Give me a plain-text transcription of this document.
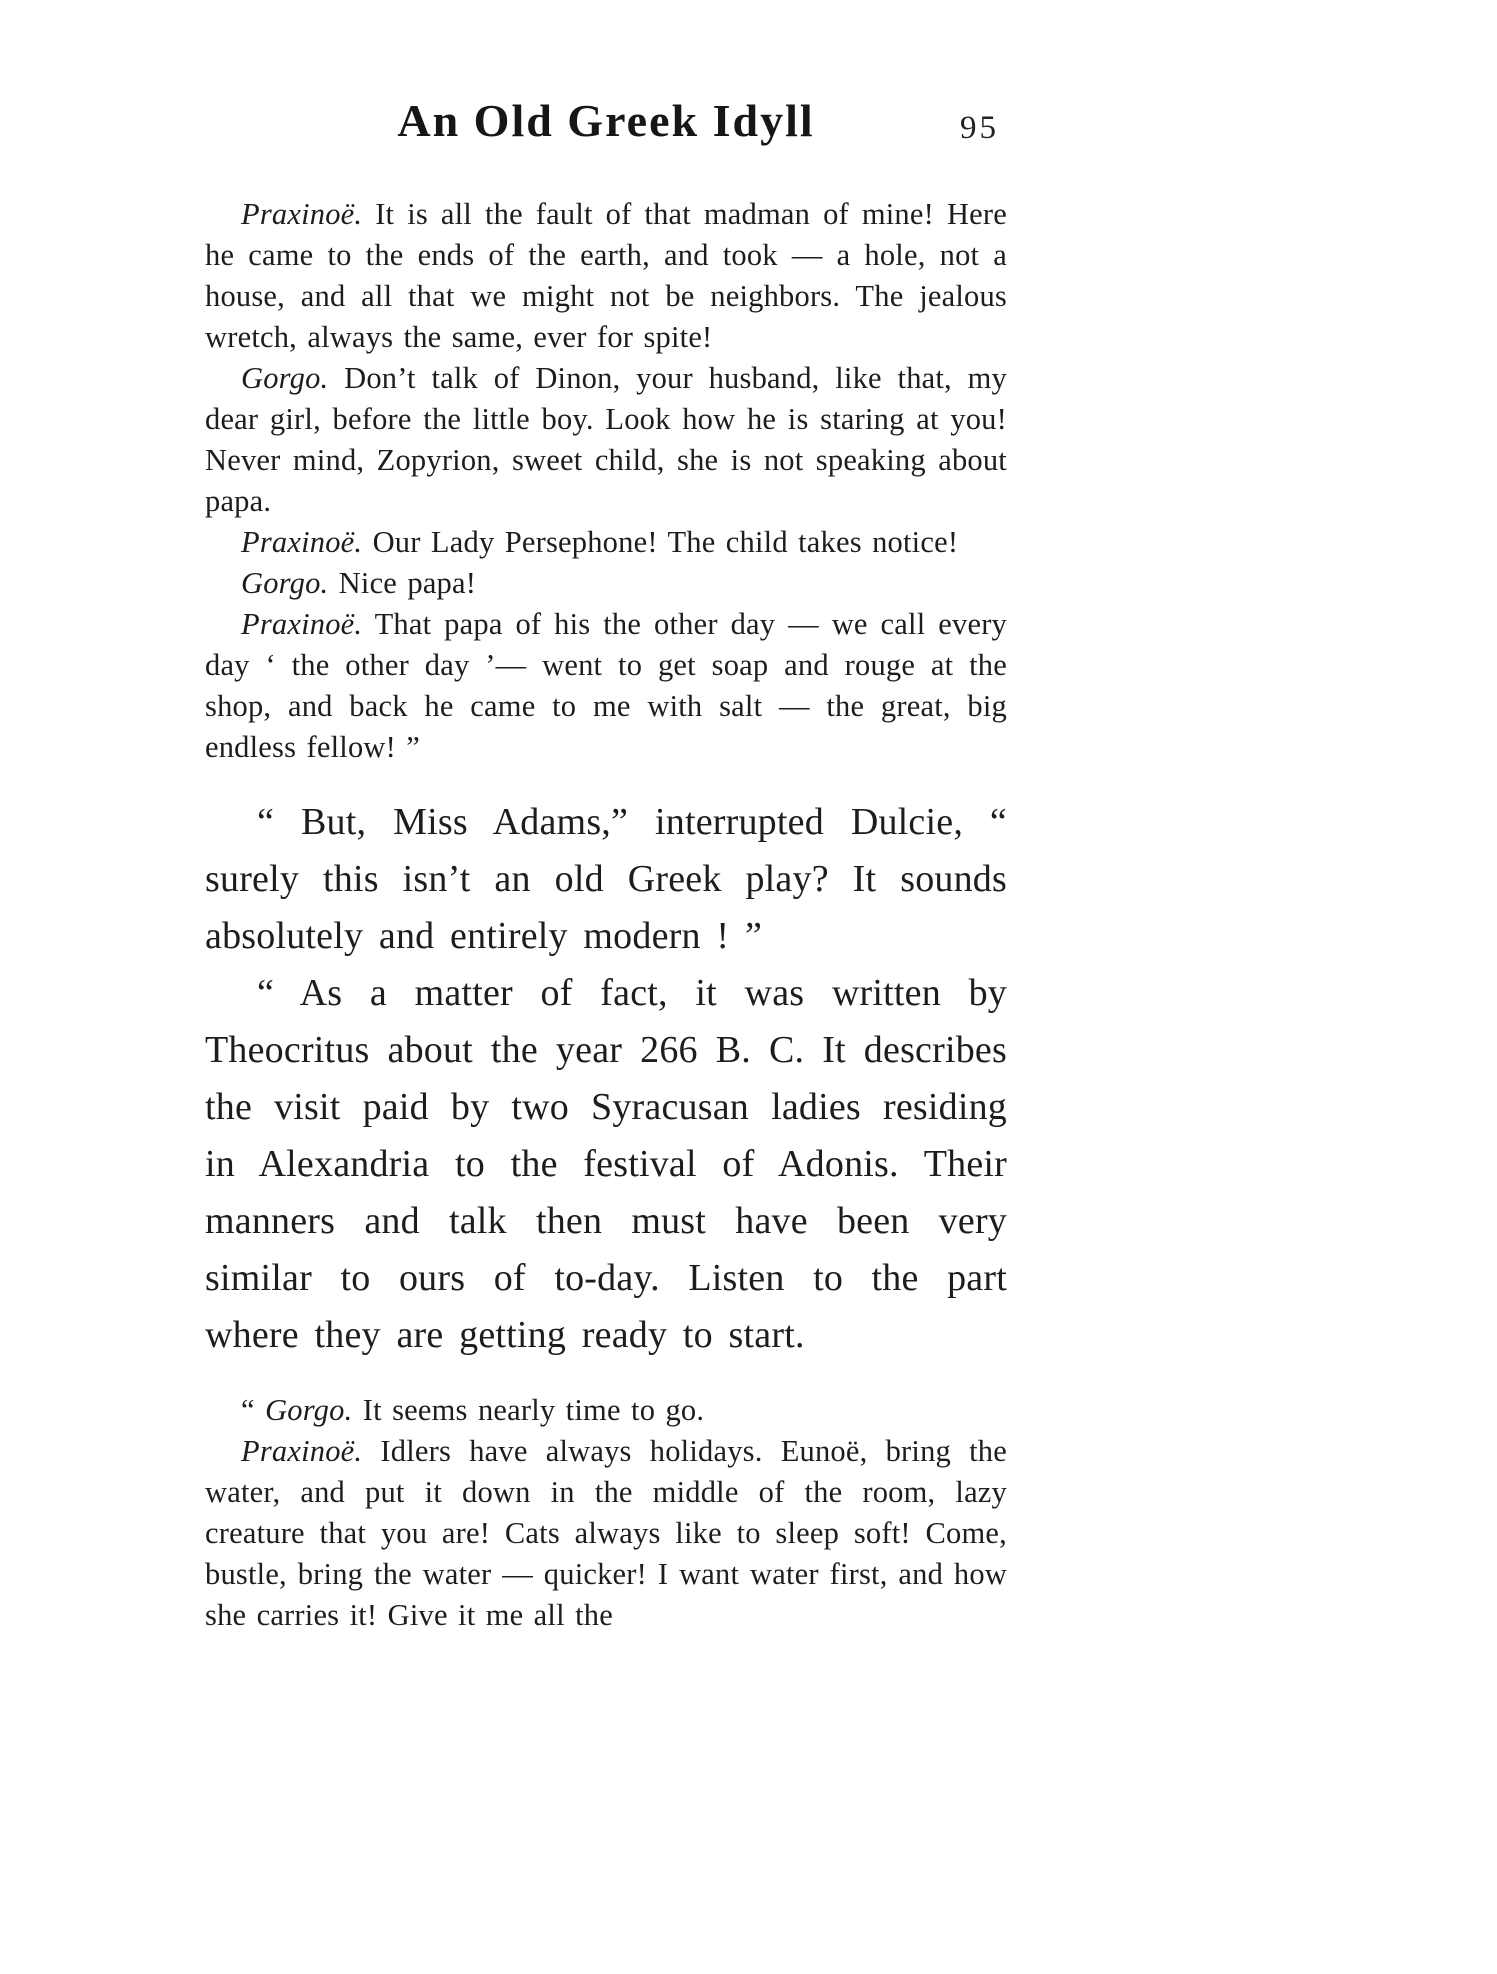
An Old Greek Idyll	95

Praxinoë. It is all the fault of that madman of mine! Here he came to the ends of the earth, and took — a hole, not a house, and all that we might not be neighbors. The jealous wretch, always the same, ever for spite!

Gorgo. Don’t talk of Dinon, your husband, like that, my dear girl, before the little boy. Look how he is staring at you! Never mind, Zopyrion, sweet child, she is not speaking about papa.

Praxinoë. Our Lady Persephone! The child takes notice!

Gorgo. Nice papa!

Praxinoë. That papa of his the other day — we call every day ‘ the other day ’— went to get soap and rouge at the shop, and back he came to me with salt — the great, big endless fellow! ”

“ But, Miss Adams,” interrupted Dulcie, “ surely this isn’t an old Greek play? It sounds absolutely and entirely modern ! ”

“ As a matter of fact, it was written by Theocritus about the year 266 B. C. It describes the visit paid by two Syracusan ladies residing in Alexandria to the festival of Adonis. Their manners and talk then must have been very similar to ours of to-day. Listen to the part where they are getting ready to start.

“ Gorgo. It seems nearly time to go.

Praxinoë. Idlers have always holidays. Eunoë, bring the water, and put it down in the middle of the room, lazy creature that you are! Cats always like to sleep soft! Come, bustle, bring the water — quicker! I want water first, and how she carries it! Give it me all the
